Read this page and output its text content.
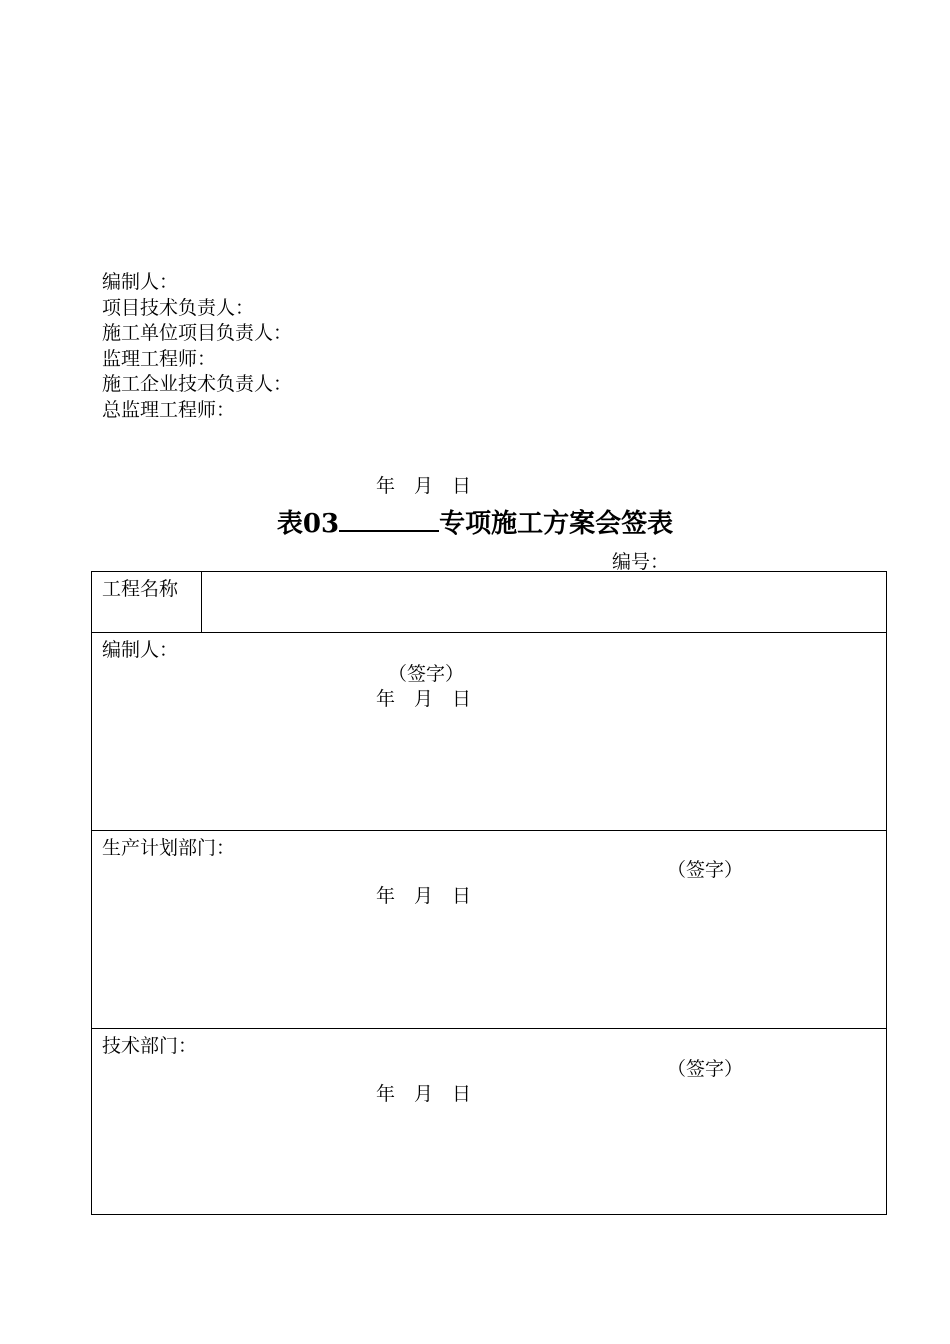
编制人：
项目技术负责人：
施工单位项目负责人：
监理工程师：
施工企业技术负责人：
总监理工程师：
年　月　日
表03	专项施工方案会签表
编号：
工程名称

编制人：
（签字）
年　月　日

生产计划部门：
（签字）
年　月　日

技术部门：
（签字）
年　月　日
